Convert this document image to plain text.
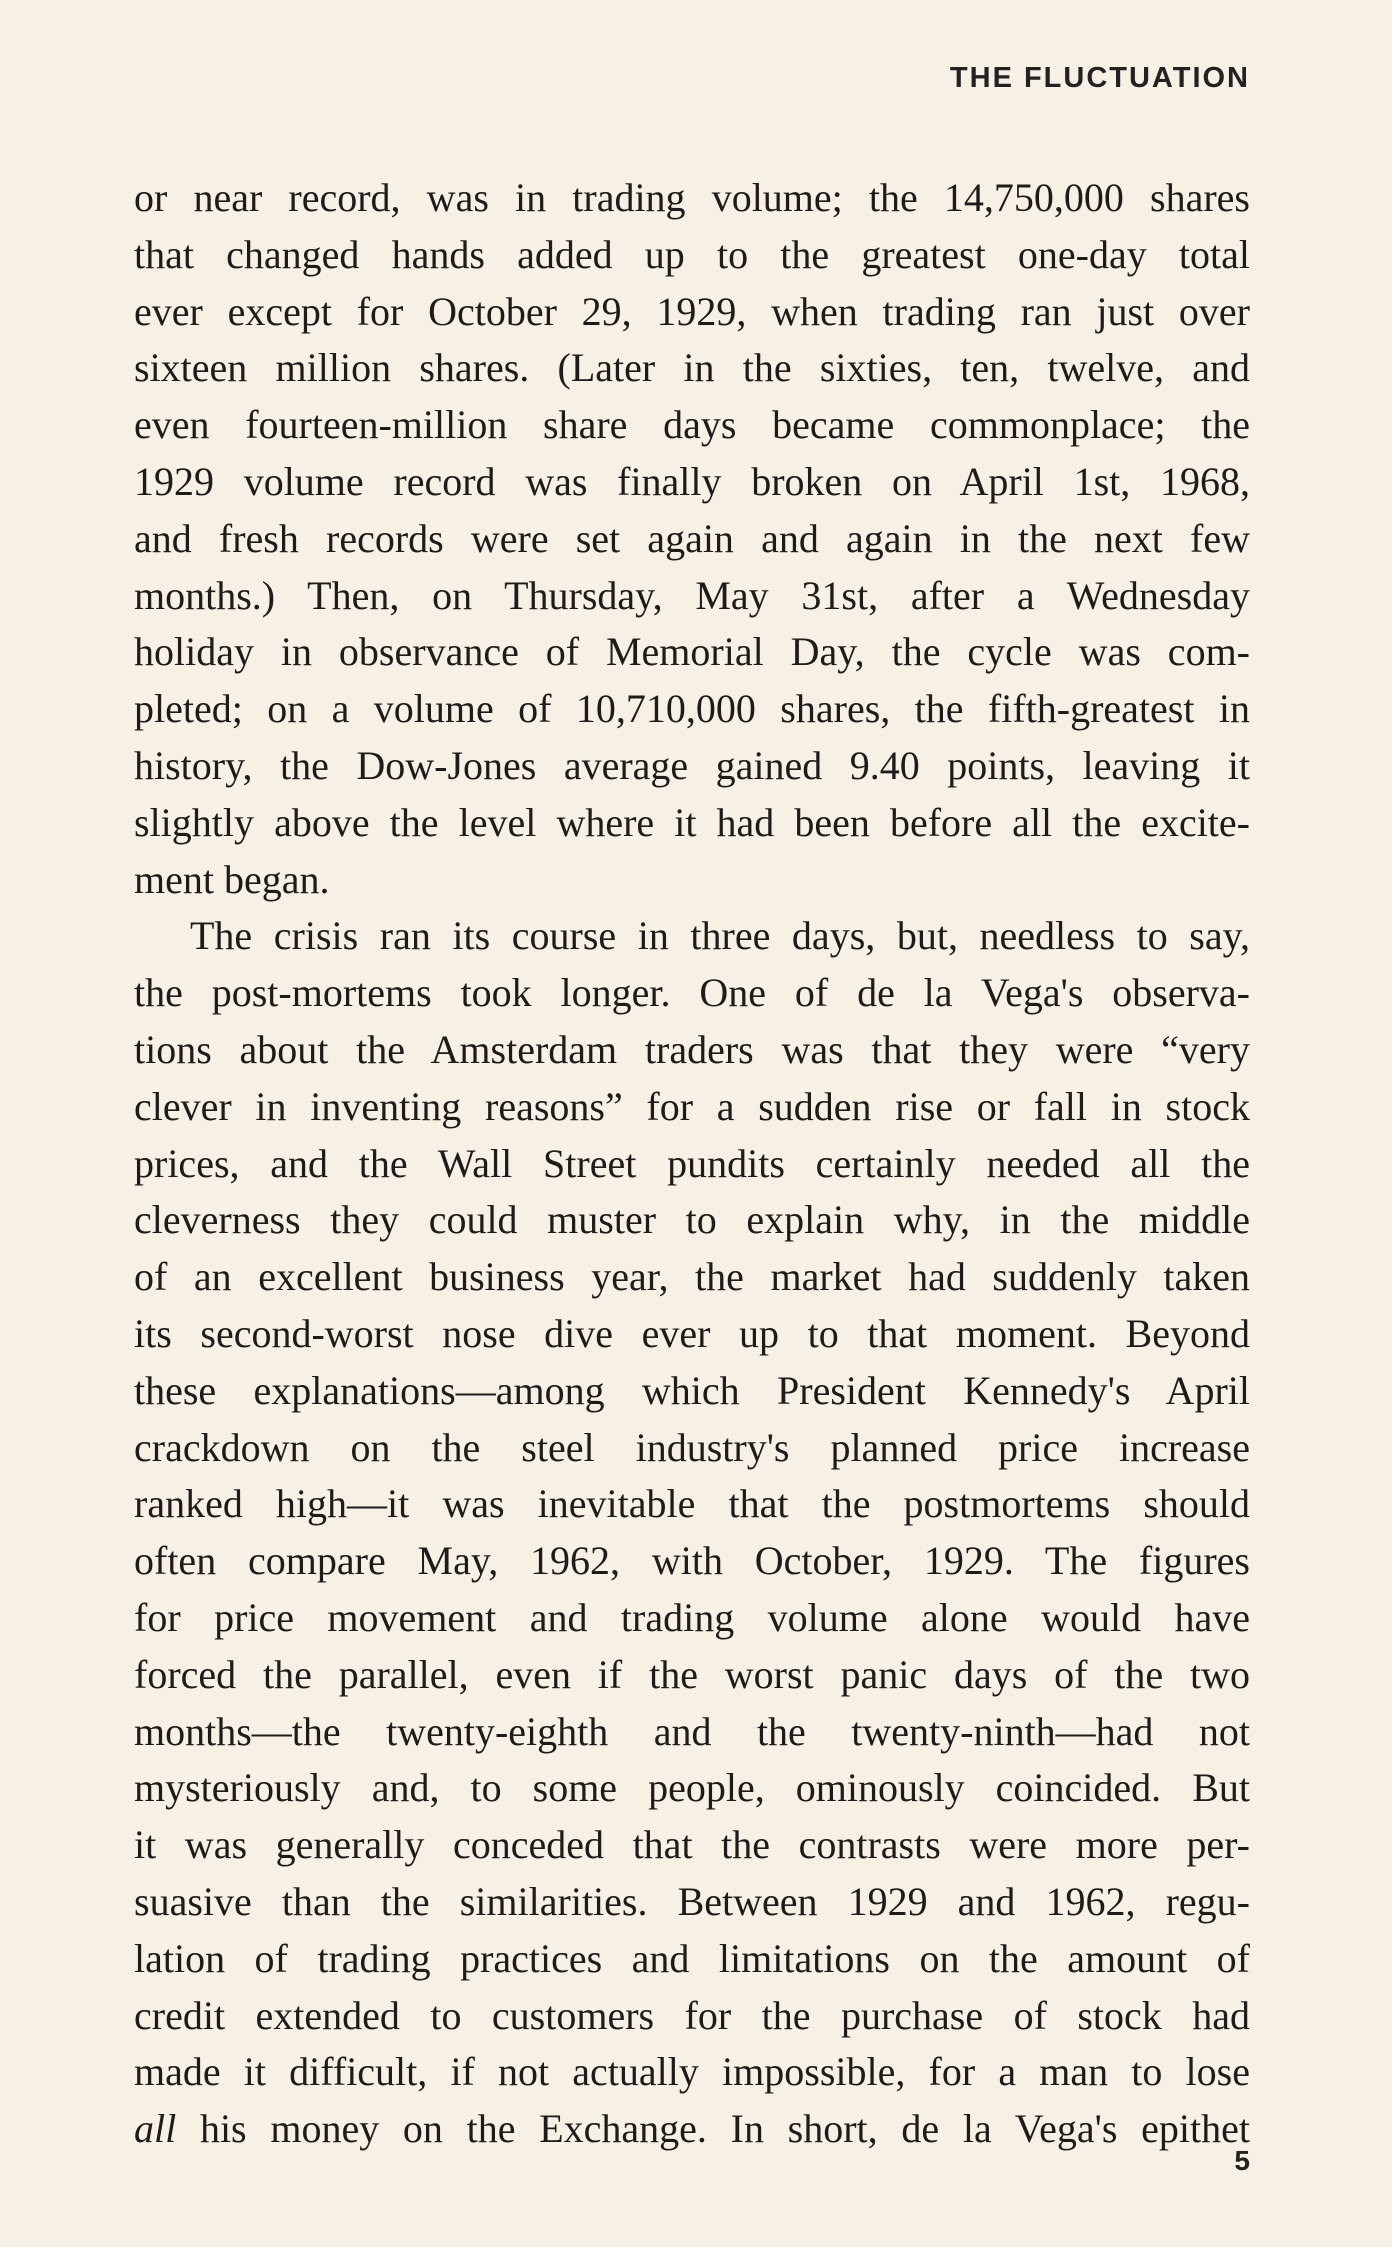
THE FLUCTUATION
or near record, was in trading volume; the 14,750,000 shares
that changed hands added up to the greatest one-day total
ever except for October 29, 1929, when trading ran just over
sixteen million shares. (Later in the sixties, ten, twelve, and
even fourteen-million share days became commonplace; the
1929 volume record was finally broken on April 1st, 1968,
and fresh records were set again and again in the next few
months.) Then, on Thursday, May 31st, after a Wednesday
holiday in observance of Memorial Day, the cycle was com-
pleted; on a volume of 10,710,000 shares, the fifth-greatest in
history, the Dow-Jones average gained 9.40 points, leaving it
slightly above the level where it had been before all the excite-
ment began.
The crisis ran its course in three days, but, needless to say,
the post-mortems took longer. One of de la Vega's observa-
tions about the Amsterdam traders was that they were “very
clever in inventing reasons” for a sudden rise or fall in stock
prices, and the Wall Street pundits certainly needed all the
cleverness they could muster to explain why, in the middle
of an excellent business year, the market had suddenly taken
its second-worst nose dive ever up to that moment. Beyond
these explanations—among which President Kennedy's April
crackdown on the steel industry's planned price increase
ranked high—it was inevitable that the postmortems should
often compare May, 1962, with October, 1929. The figures
for price movement and trading volume alone would have
forced the parallel, even if the worst panic days of the two
months—the twenty-eighth and the twenty-ninth—had not
mysteriously and, to some people, ominously coincided. But
it was generally conceded that the contrasts were more per-
suasive than the similarities. Between 1929 and 1962, regu-
lation of trading practices and limitations on the amount of
credit extended to customers for the purchase of stock had
made it difficult, if not actually impossible, for a man to lose
all his money on the Exchange. In short, de la Vega's epithet
5
